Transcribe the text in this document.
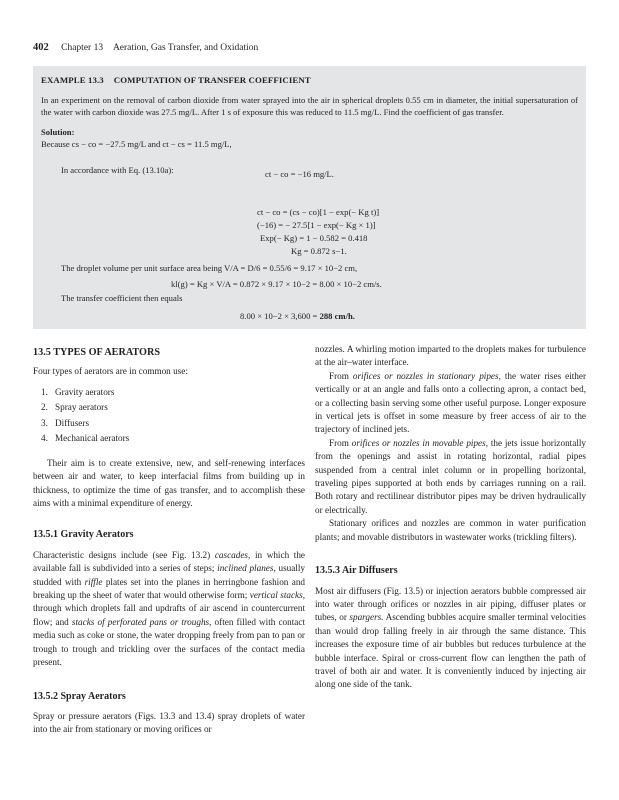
402 Chapter 13 Aeration, Gas Transfer, and Oxidation
EXAMPLE 13.3 COMPUTATION OF TRANSFER COEFFICIENT

In an experiment on the removal of carbon dioxide from water sprayed into the air in spherical droplets 0.55 cm in diameter, the initial supersaturation of the water with carbon dioxide was 27.5 mg/L. After 1 s of exposure this was reduced to 11.5 mg/L. Find the coefficient of gas transfer.

Solution:
Because cs − co = −27.5 mg/L and ct − cs = 11.5 mg/L,
ct − co = −16 mg/L.
In accordance with Eq. (13.10a):
ct − co = (cs − co)[1 − exp(− Kg t)]
(−16) = − 27.5[1 − exp(− Kg × 1)]
Exp(− Kg) = 1 − 0.582 = 0.418
Kg = 0.872 s−1.
The droplet volume per unit surface area being V/A = D/6 = 0.55/6 = 9.17 × 10−2 cm,
kl(g) = Kg × V/A = 0.872 × 9.17 × 10−2 = 8.00 × 10−2 cm/s.
The transfer coefficient then equals
8.00 × 10−2 × 3,600 = 288 cm/h.
13.5 TYPES OF AERATORS

Four types of aerators are in common use:

1. Gravity aerators
2. Spray aerators
3. Diffusers
4. Mechanical aerators

Their aim is to create extensive, new, and self-renewing interfaces between air and water, to keep interfacial films from building up in thickness, to optimize the time of gas transfer, and to accomplish these aims with a minimal expenditure of energy.

13.5.1 Gravity Aerators

Characteristic designs include (see Fig. 13.2) cascades, in which the available fall is subdivided into a series of steps; inclined planes, usually studded with riffle plates set into the planes in herringbone fashion and breaking up the sheet of water that would otherwise form; vertical stacks, through which droplets fall and updrafts of air ascend in countercurrent flow; and stacks of perforated pans or troughs, often filled with contact media such as coke or stone, the water dropping freely from pan to pan or trough to trough and trickling over the surfaces of the contact media present.

13.5.2 Spray Aerators

Spray or pressure aerators (Figs. 13.3 and 13.4) spray droplets of water into the air from stationary or moving orifices or

nozzles. A whirling motion imparted to the droplets makes for turbulence at the air–water interface.

From orifices or nozzles in stationary pipes, the water rises either vertically or at an angle and falls onto a collecting apron, a contact bed, or a collecting basin serving some other useful purpose. Longer exposure in vertical jets is offset in some measure by freer access of air to the trajectory of inclined jets.

From orifices or nozzles in movable pipes, the jets issue horizontally from the openings and assist in rotating horizontal, radial pipes suspended from a central inlet column or in propelling horizontal, traveling pipes supported at both ends by carriages running on a rail. Both rotary and rectilinear distributor pipes may be driven hydraulically or electrically.

Stationary orifices and nozzles are common in water purification plants; and movable distributors in wastewater works (trickling filters).

13.5.3 Air Diffusers

Most air diffusers (Fig. 13.5) or injection aerators bubble compressed air into water through orifices or nozzles in air piping, diffuser plates or tubes, or spargers. Ascending bubbles acquire smaller terminal velocities than would drop falling freely in air through the same distance. This increases the exposure time of air bubbles but reduces turbulence at the bubble interface. Spiral or cross-current flow can lengthen the path of travel of both air and water. It is conveniently induced by injecting air along one side of the tank.
